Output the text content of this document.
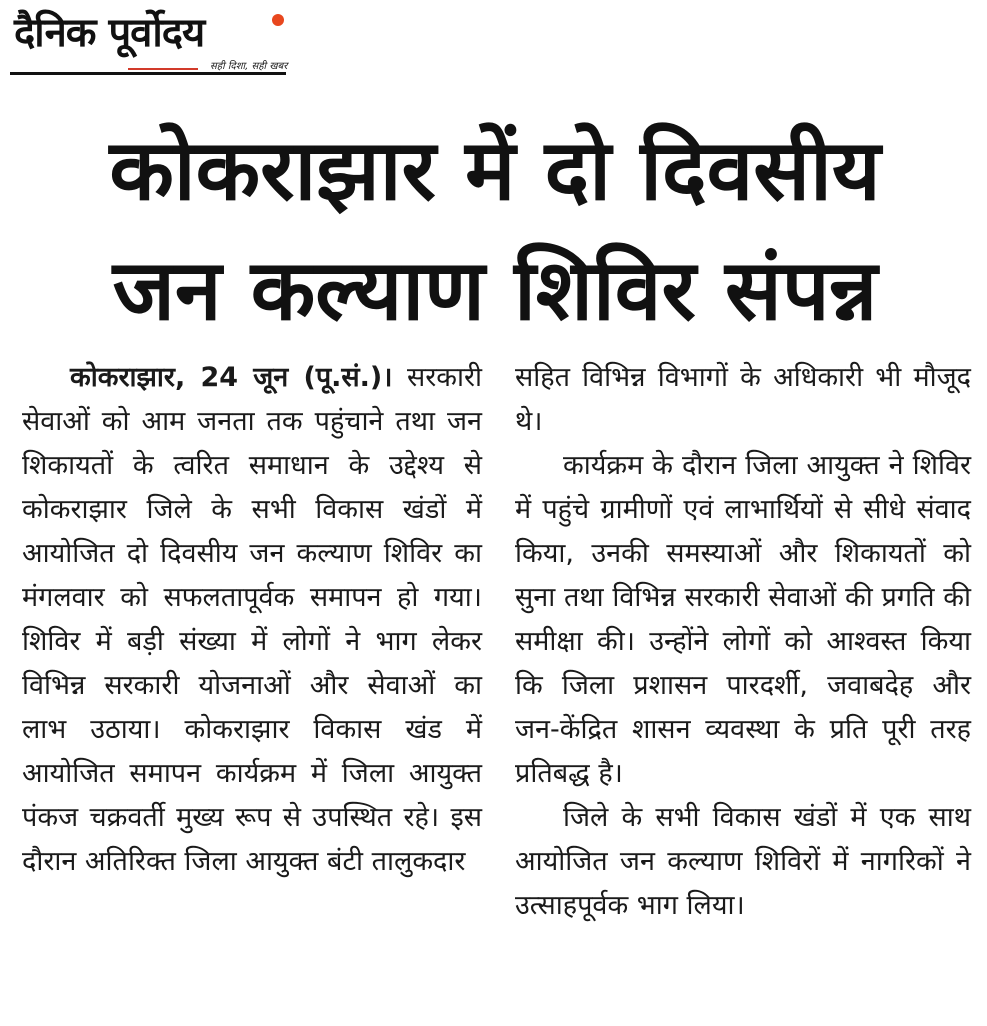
दैनिक पूर्वोदय
सही दिशा, सही खबर
कोकराझार में दो दिवसीय
जन कल्याण शिविर संपन्न

कोकराझार, 24 जून (पू.सं.)। सरकारी सेवाओं को आम जनता तक पहुंचाने तथा जन शिकायतों के त्वरित समाधान के उद्देश्य से कोकराझार जिले के सभी विकास खंडों में आयोजित दो दिवसीय जन कल्याण शिविर का मंगलवार को सफलतापूर्वक समापन हो गया। शिविर में बड़ी संख्या में लोगों ने भाग लेकर विभिन्न सरकारी योजनाओं और सेवाओं का लाभ उठाया। कोकराझार विकास खंड में आयोजित समापन कार्यक्रम में जिला आयुक्त पंकज चक्रवर्ती मुख्य रूप से उपस्थित रहे। इस दौरान अतिरिक्त जिला आयुक्त बंटी तालुकदार

सहित विभिन्न विभागों के अधिकारी भी मौजूद थे।

कार्यक्रम के दौरान जिला आयुक्त ने शिविर में पहुंचे ग्रामीणों एवं लाभार्थियों से सीधे संवाद किया, उनकी समस्याओं और शिकायतों को सुना तथा विभिन्न सरकारी सेवाओं की प्रगति की समीक्षा की। उन्होंने लोगों को आश्वस्त किया कि जिला प्रशासन पारदर्शी, जवाबदेह और जन-केंद्रित शासन व्यवस्था के प्रति पूरी तरह प्रतिबद्ध है।

जिले के सभी विकास खंडों में एक साथ आयोजित जन कल्याण शिविरों में नागरिकों ने उत्साहपूर्वक भाग लिया।
